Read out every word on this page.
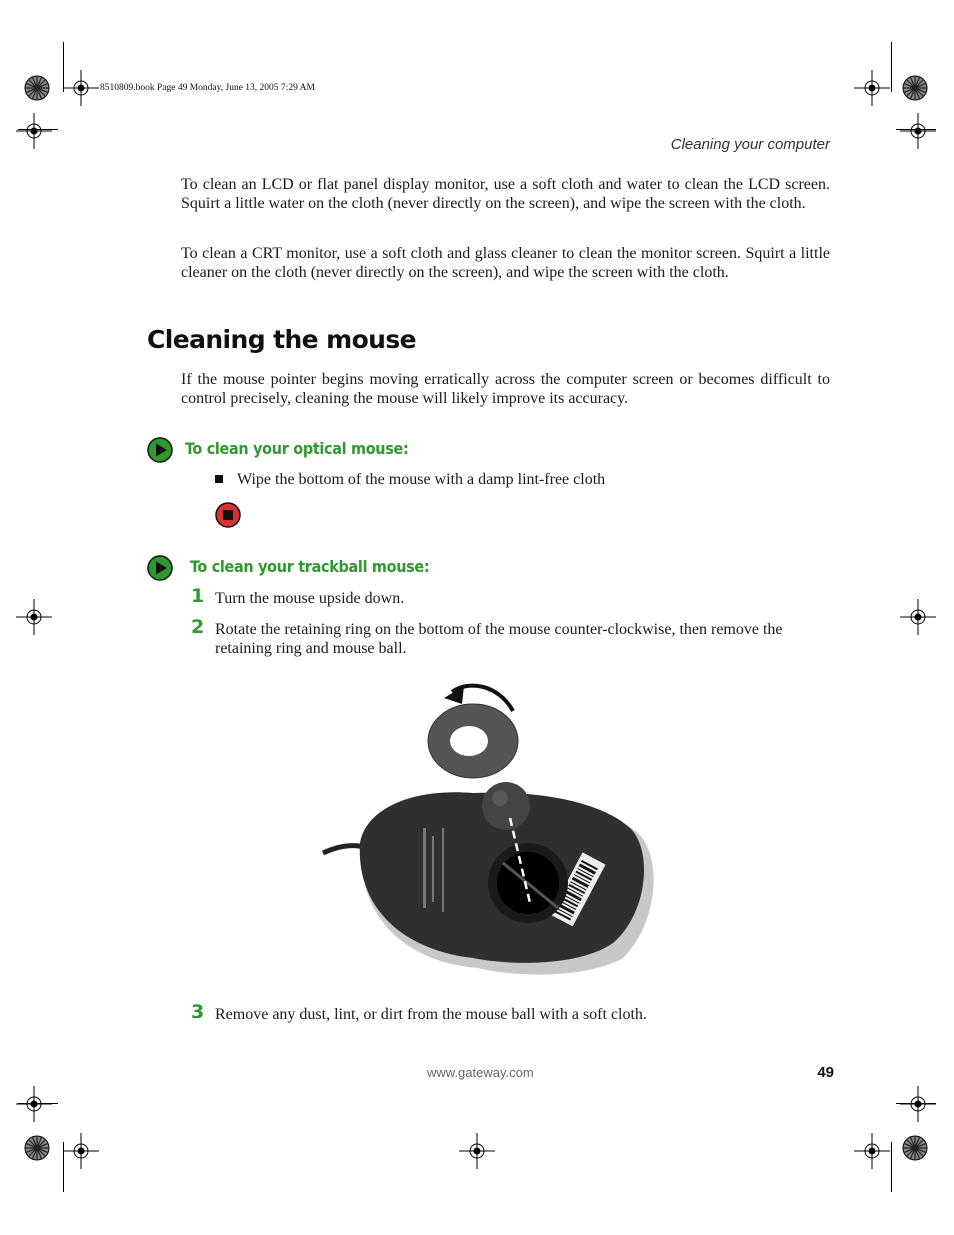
8510809.book Page 49 Monday, June 13, 2005 7:29 AM
Cleaning your computer

To clean an LCD or flat panel display monitor, use a soft cloth and water to clean the LCD screen. Squirt a little water on the cloth (never directly on the screen), and wipe the screen with the cloth.

To clean a CRT monitor, use a soft cloth and glass cleaner to clean the monitor screen. Squirt a little cleaner on the cloth (never directly on the screen), and wipe the screen with the cloth.

Cleaning the mouse

If the mouse pointer begins moving erratically across the computer screen or becomes difficult to control precisely, cleaning the mouse will likely improve its accuracy.

To clean your optical mouse:
Wipe the bottom of the mouse with a damp lint-free cloth
To clean your trackball mouse:
1 Turn the mouse upside down.

2 Rotate the retaining ring on the bottom of the mouse counter-clockwise, then remove the retaining ring and mouse ball.

3 Remove any dust, lint, or dirt from the mouse ball with a soft cloth.

www.gateway.com	49
